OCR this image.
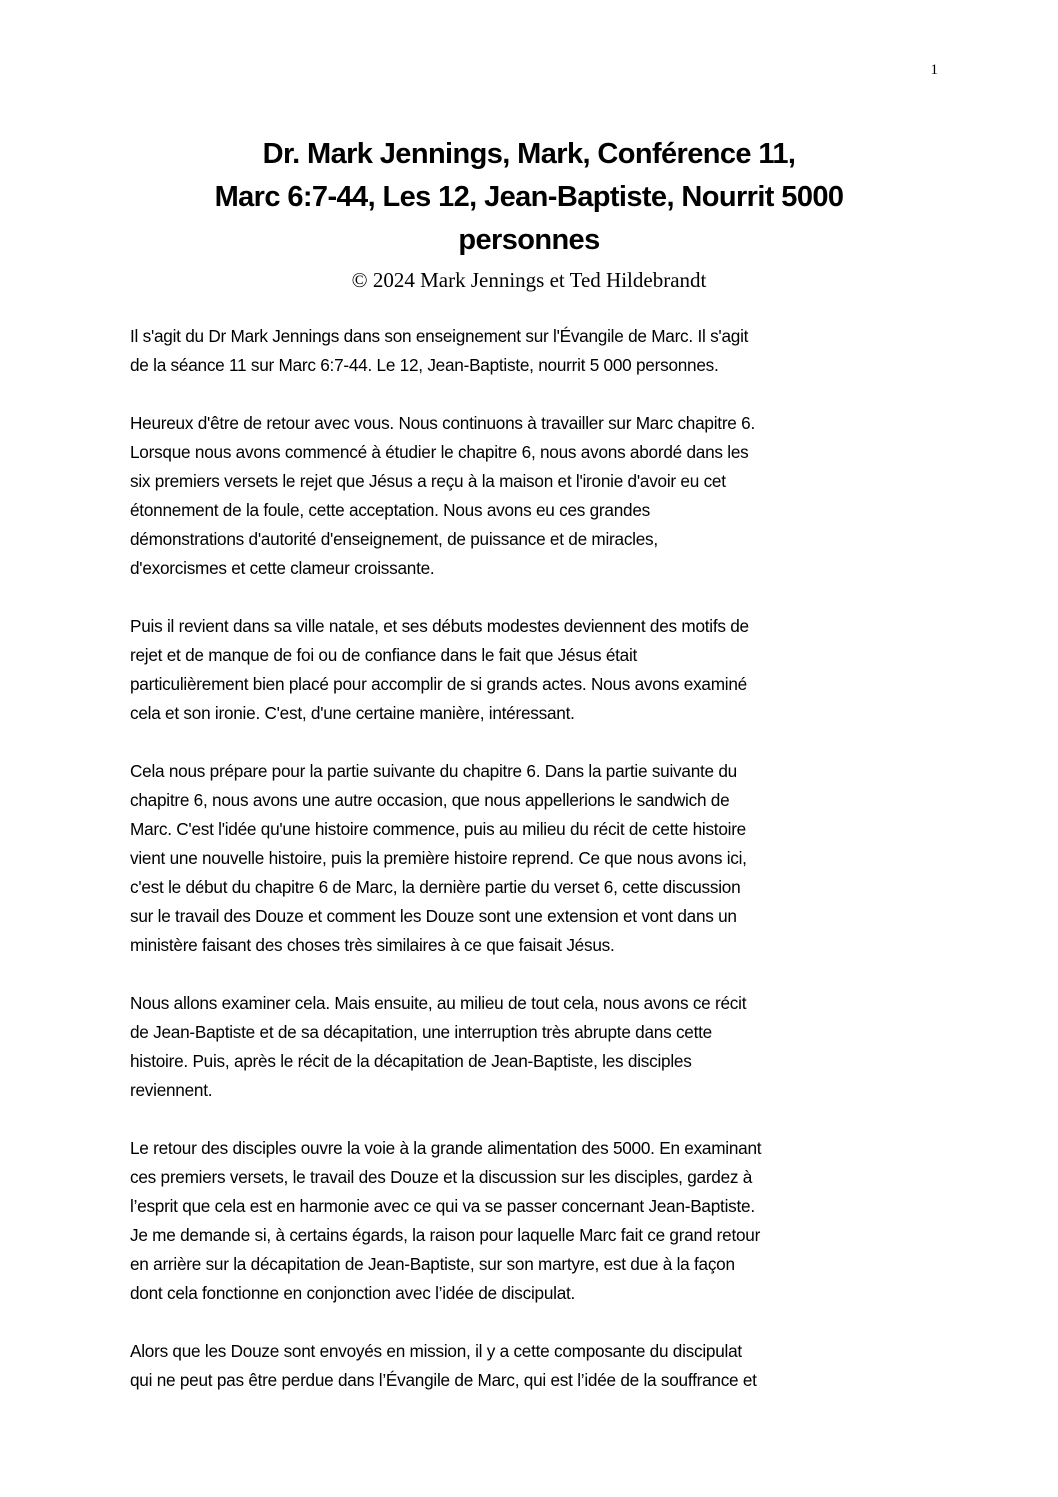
1
Dr. Mark Jennings, Mark, Conférence 11,
Marc 6:7-44, Les 12, Jean-Baptiste, Nourrit 5000
personnes
© 2024 Mark Jennings et Ted Hildebrandt
Il s'agit du Dr Mark Jennings dans son enseignement sur l'Évangile de Marc. Il s'agit
de la séance 11 sur Marc 6:7-44. Le 12, Jean-Baptiste, nourrit 5 000 personnes.
Heureux d'être de retour avec vous. Nous continuons à travailler sur Marc chapitre 6.
Lorsque nous avons commencé à étudier le chapitre 6, nous avons abordé dans les
six premiers versets le rejet que Jésus a reçu à la maison et l'ironie d'avoir eu cet
étonnement de la foule, cette acceptation. Nous avons eu ces grandes
démonstrations d'autorité d'enseignement, de puissance et de miracles,
d'exorcismes et cette clameur croissante.
Puis il revient dans sa ville natale, et ses débuts modestes deviennent des motifs de
rejet et de manque de foi ou de confiance dans le fait que Jésus était
particulièrement bien placé pour accomplir de si grands actes. Nous avons examiné
cela et son ironie. C'est, d'une certaine manière, intéressant.
Cela nous prépare pour la partie suivante du chapitre 6. Dans la partie suivante du
chapitre 6, nous avons une autre occasion, que nous appellerions le sandwich de
Marc. C'est l'idée qu'une histoire commence, puis au milieu du récit de cette histoire
vient une nouvelle histoire, puis la première histoire reprend. Ce que nous avons ici,
c'est le début du chapitre 6 de Marc, la dernière partie du verset 6, cette discussion
sur le travail des Douze et comment les Douze sont une extension et vont dans un
ministère faisant des choses très similaires à ce que faisait Jésus.
Nous allons examiner cela. Mais ensuite, au milieu de tout cela, nous avons ce récit
de Jean-Baptiste et de sa décapitation, une interruption très abrupte dans cette
histoire. Puis, après le récit de la décapitation de Jean-Baptiste, les disciples
reviennent.
Le retour des disciples ouvre la voie à la grande alimentation des 5000. En examinant
ces premiers versets, le travail des Douze et la discussion sur les disciples, gardez à
l’esprit que cela est en harmonie avec ce qui va se passer concernant Jean-Baptiste.
Je me demande si, à certains égards, la raison pour laquelle Marc fait ce grand retour
en arrière sur la décapitation de Jean-Baptiste, sur son martyre, est due à la façon
dont cela fonctionne en conjonction avec l’idée de discipulat.
Alors que les Douze sont envoyés en mission, il y a cette composante du discipulat
qui ne peut pas être perdue dans l’Évangile de Marc, qui est l’idée de la souffrance et
